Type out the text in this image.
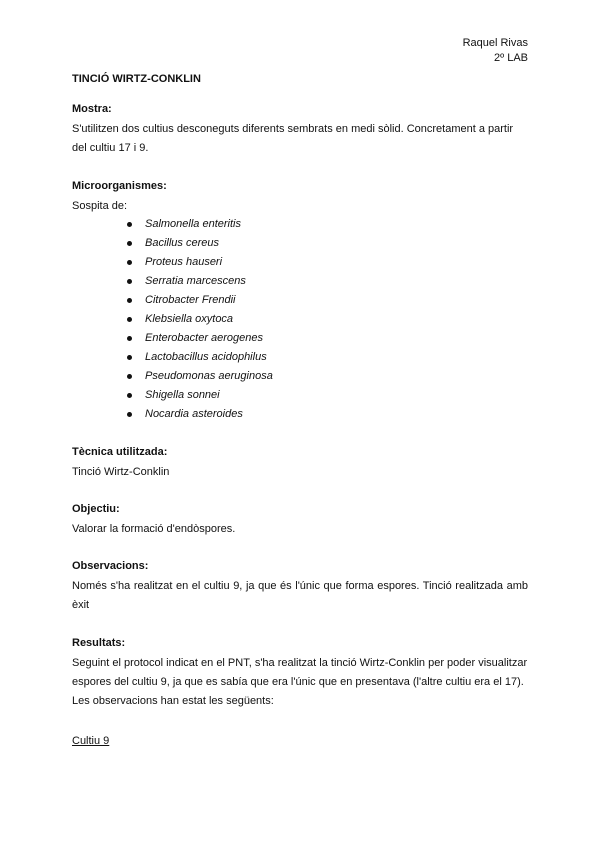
Raquel Rivas
2º LAB
TINCIÓ WIRTZ-CONKLIN
Mostra:
S'utilitzen dos cultius desconeguts diferents sembrats en medi sòlid. Concretament a partir del cultiu 17 i 9.
Microorganismes:
Sospita de:
Salmonella enteritis
Bacillus cereus
Proteus hauseri
Serratia marcescens
Citrobacter Frendii
Klebsiella oxytoca
Enterobacter aerogenes
Lactobacillus acidophilus
Pseudomonas aeruginosa
Shigella sonnei
Nocardia asteroides
Tècnica utilitzada:
Tinció Wirtz-Conklin
Objectiu:
Valorar la formació d'endòspores.
Observacions:
Només s'ha realitzat en el cultiu 9, ja que és l'únic que forma espores. Tinció realitzada amb èxit
Resultats:
Seguint el protocol indicat en el PNT, s'ha realitzat la tinció Wirtz-Conklin per poder visualitzar espores del cultiu 9, ja que es sabía que era l'únic que en presentava (l'altre cultiu era el 17). Les observacions han estat les següents:
Cultiu 9
